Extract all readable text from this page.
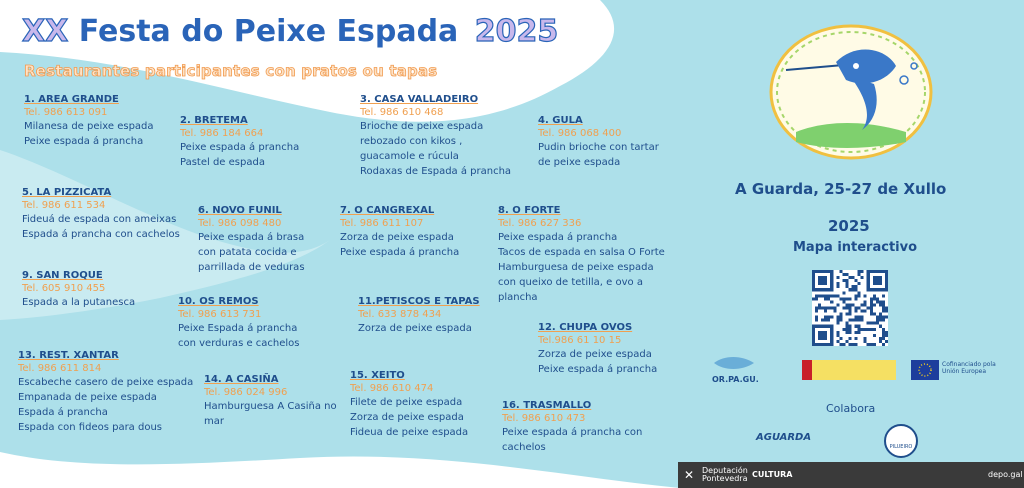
XX Festa do Peixe Espada 2025
Restaurantes participantes con pratos ou tapas
1. AREA GRANDE
Tel. 986 613 091
Milanesa de peixe espada
Peixe espada á prancha
2. BRETEMA
Tel. 986 184 664
Peixe espada á prancha
Pastel de espada
3. CASA VALLADEIRO
Tel. 986 610 468
Brioche de peixe espada
rebozado con kikos ,
guacamole e rúcula
Rodaxas de Espada á prancha
4. GULA
Tel. 986 068 400
Pudin brioche con tartar
de peixe espada
5. LA PIZZICATA
Tel. 986 611 534
Fideuá de espada con ameixas
Espada á prancha con cachelos
6. NOVO FUNIL
Tel. 986 098 480
Peixe espada á brasa
con patata cocida e
parrillada de veduras
7. O CANGREXAL
Tel. 986 611 107
Zorza de peixe espada
Peixe espada á prancha
8. O FORTE
Tel. 986 627 336
Peixe espada á prancha
Tacos de espada en salsa O Forte
Hamburguesa de peixe espada
con queixo de tetilla, e ovo a
plancha
9. SAN ROQUE
Tel. 605 910 455
Espada a la putanesca	10. OS REMOS
Tel. 986 613 731
Peixe Espada á prancha
con verduras e cachelos
11.PETISCOS E TAPAS
Tel. 633 878 434
Zorza de peixe espada	12. CHUPA OVOS
Tel.986 61 10 15
Zorza de peixe espada
Peixe espada á prancha
13. REST. XANTAR
Tel. 986 611 814
Escabeche casero de peixe espada
Empanada de peixe espada
Espada á prancha
Espada con fideos para dous
14. A CASIÑA
Tel. 986 024 996
Hamburguesa A Casiña no
mar
15. XEITO
Tel. 986 610 474
Filete de peixe espada
Zorza de peixe espada
Fideua de peixe espada
16. TRASMALLO
Tel. 986 610 473
Peixe espada á prancha con
cachelos
A Guarda, 25-27 de Xullo
2025
Mapa interactivo
OR.PA.GU.
Cofinanciado pola Unión Europea
Colabora
AGUARDA
PILUEIRO
✕ Deputación Pontevedra CULTURA	depo.gal
